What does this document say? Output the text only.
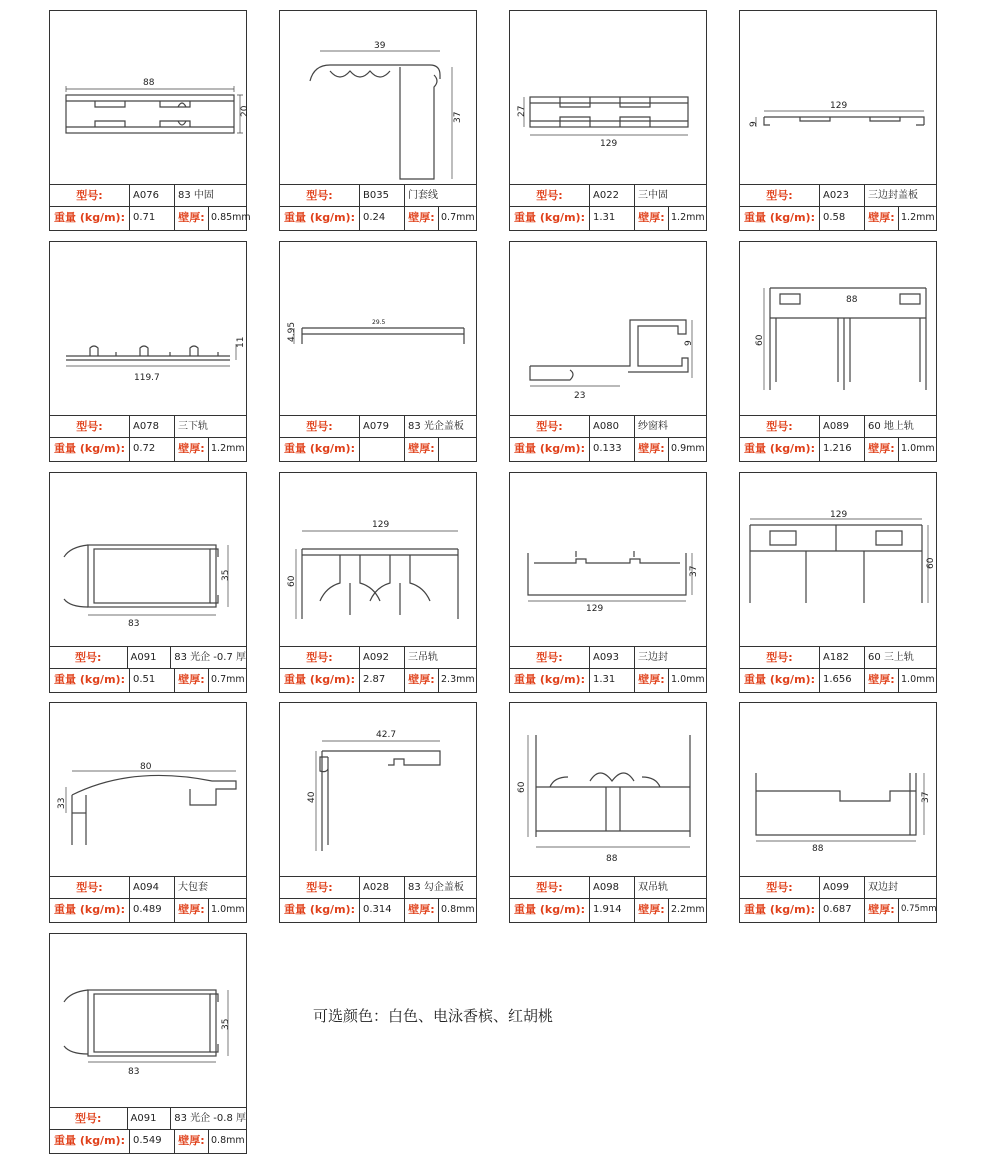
88
20
型号:	A076	83 中固
重量 (kg/m): 0.71	壁厚: 0.85mm
39
37
型号:	B035	门套线
重量 (kg/m): 0.24	壁厚: 0.7mm
27
129
型号:	A022	三中固
重量 (kg/m): 1.31	壁厚: 1.2mm
129
9
型号:	A023	三边封盖板
重量 (kg/m): 0.58	壁厚: 1.2mm
119.7
11
型号:	A078	三下轨
重量 (kg/m): 0.72	壁厚: 1.2mm
4.95	29.5
型号:	A079	83 光企盖板
重量 (kg/m):	壁厚:
9
23
型号:	A080	纱窗料
重量 (kg/m): 0.133	壁厚: 0.9mm
88
60
型号:	A089	60 地上轨
重量 (kg/m): 1.216	壁厚: 1.0mm
35
83
型号:	A091	83 光企 -0.7 厚
重量 (kg/m): 0.51	壁厚: 0.7mm
129
60
型号:	A092	三吊轨
重量 (kg/m): 2.87	壁厚: 2.3mm
37
129
型号:	A093	三边封
重量 (kg/m): 1.31	壁厚: 1.0mm
129
60
型号:	A182	60 三上轨
重量 (kg/m): 1.656	壁厚: 1.0mm
80
33
型号:	A094	大包套
重量 (kg/m): 0.489	壁厚: 1.0mm
42.7
40
型号:	A028	83 勾企盖板
重量 (kg/m): 0.314	壁厚: 0.8mm
60
88
型号:	A098	双吊轨
重量 (kg/m): 1.914	壁厚: 2.2mm
37
88
型号:	A099	双边封
重量 (kg/m): 0.687	壁厚: 0.75mm
35
83
型号:	A091	83 光企 -0.8 厚
重量 (kg/m): 0.549	壁厚: 0.8mm
可选颜色：白色、电泳香槟、红胡桃
